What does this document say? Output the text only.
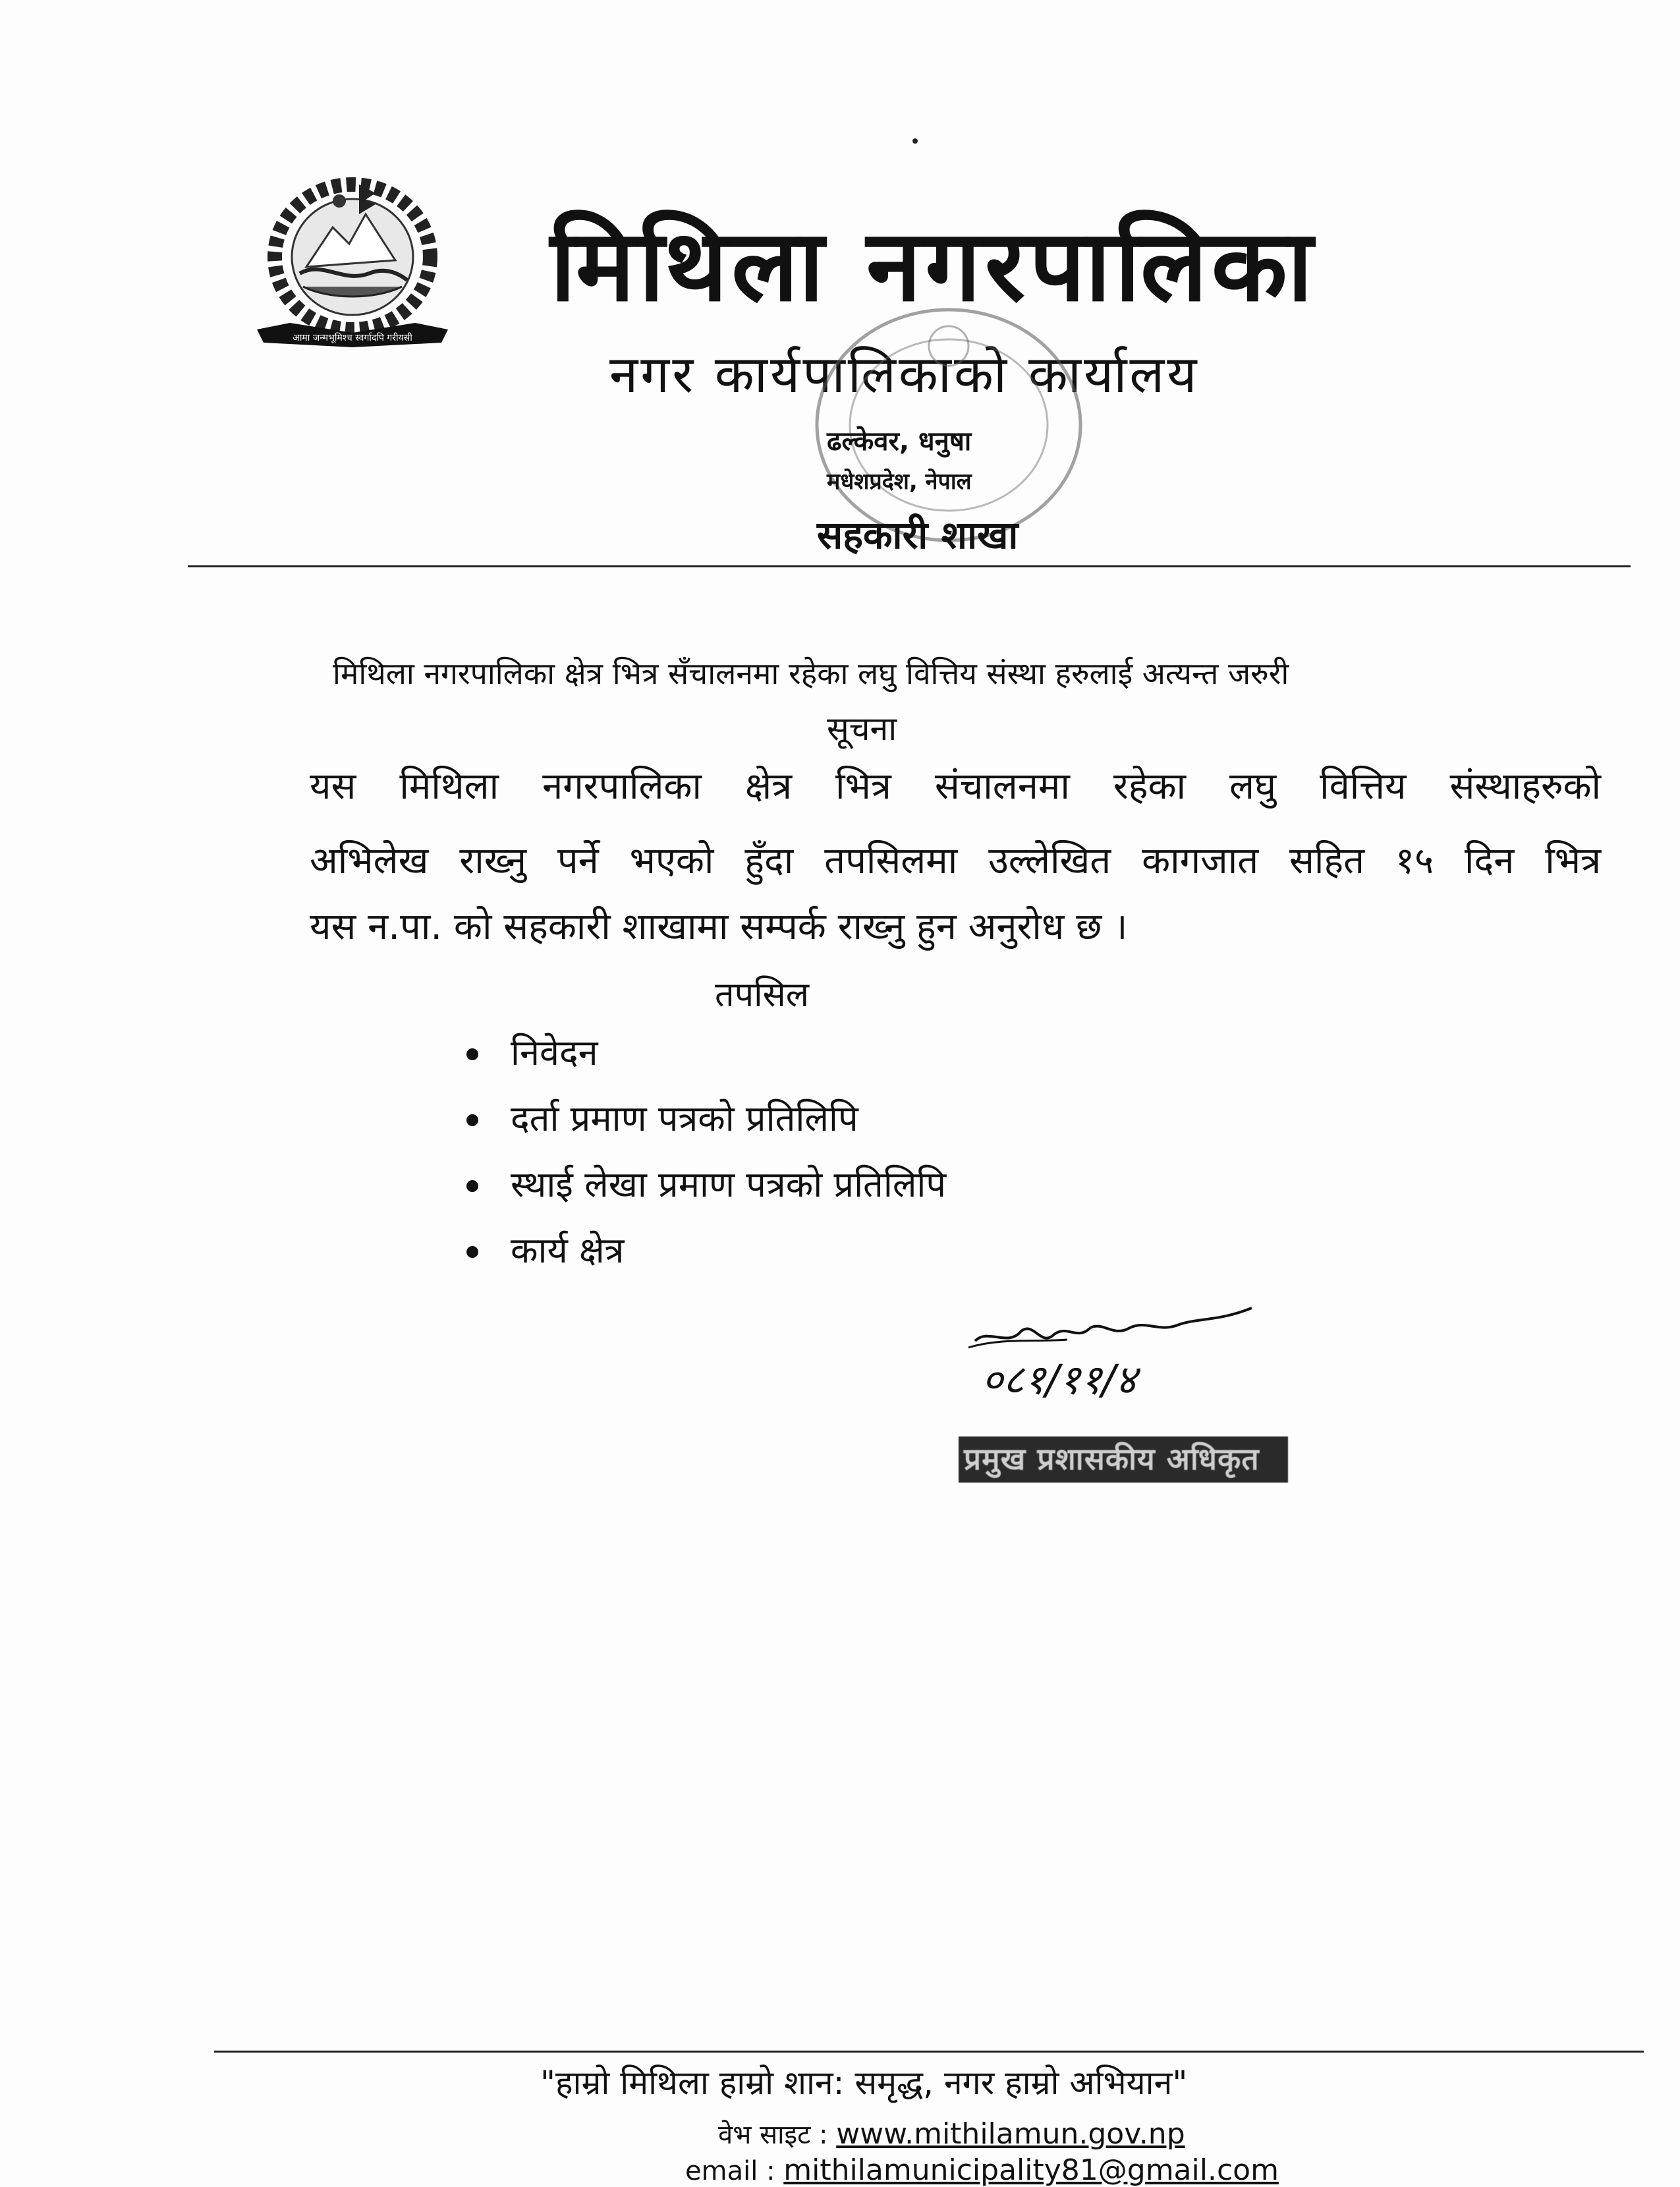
आमा जन्मभूमिश्च स्वर्गादपि गरीयसी
मिथिला नगरपालिका
नगर कार्यपालिकाको कार्यालय
ढल्केवर, धनुषा
मधेशप्रदेश, नेपाल
सहकारी शाखा
मिथिला नगरपालिका क्षेत्र भित्र सँचालनमा रहेका लघु वित्तिय संस्था हरुलाई अत्यन्त जरुरी
सूचना
यस मिथिला नगरपालिका क्षेत्र भित्र संचालनमा रहेका लघु वित्तिय संस्थाहरुको
अभिलेख राख्नु पर्ने भएको हुँदा तपसिलमा उल्लेखित कागजात सहित १५ दिन भित्र
यस न.पा. को सहकारी शाखामा सम्पर्क राख्नु हुन अनुरोध छ ।
तपसिल
निवेदन
दर्ता प्रमाण पत्रको प्रतिलिपि
स्थाई लेखा प्रमाण पत्रको प्रतिलिपि
कार्य क्षेत्र
०८१/११/४
प्रमुख प्रशासकीय अधिकृत
"हाम्रो मिथिला हाम्रो शान: समृद्ध, नगर हाम्रो अभियान"
वेभ साइट : www.mithilamun.gov.np
email : mithilamunicipality81@gmail.com
